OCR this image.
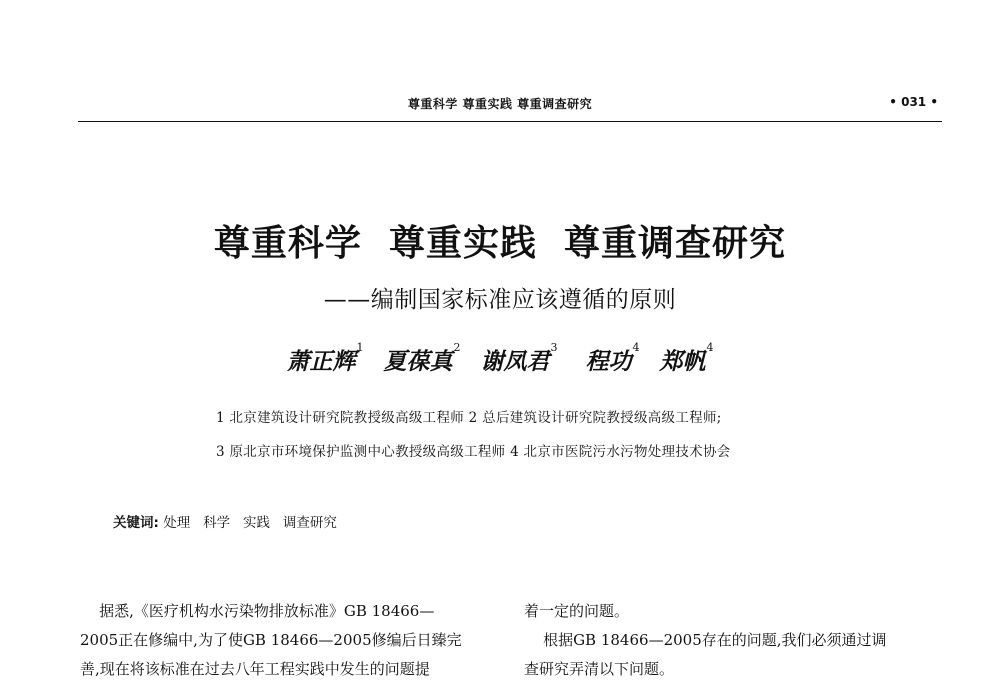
尊重科学 尊重实践 尊重调查研究	• 031 •
尊重科学  尊重实践  尊重调查研究
——编制国家标准应该遵循的原则
萧正辉$^1$ 夏葆真$^2$ 谢凤君$^3$ 程功$^4$ 郑帆$^4$
1 北京建筑设计研究院教授级高级工程师 2 总后建筑设计研究院教授级高级工程师;
3 原北京市环境保护监测中心教授级高级工程师 4 北京市医院污水污物处理技术协会
关键词: 处理   科学   实践   调查研究
据悉,《医疗机构水污染物排放标准》GB 18466—
2005正在修编中,为了使GB 18466—2005修编后日臻完
善,现在将该标准在过去八年工程实践中发生的问题提
着一定的问题。
根据GB 18466—2005存在的问题,我们必须通过调
查研究弄清以下问题。
